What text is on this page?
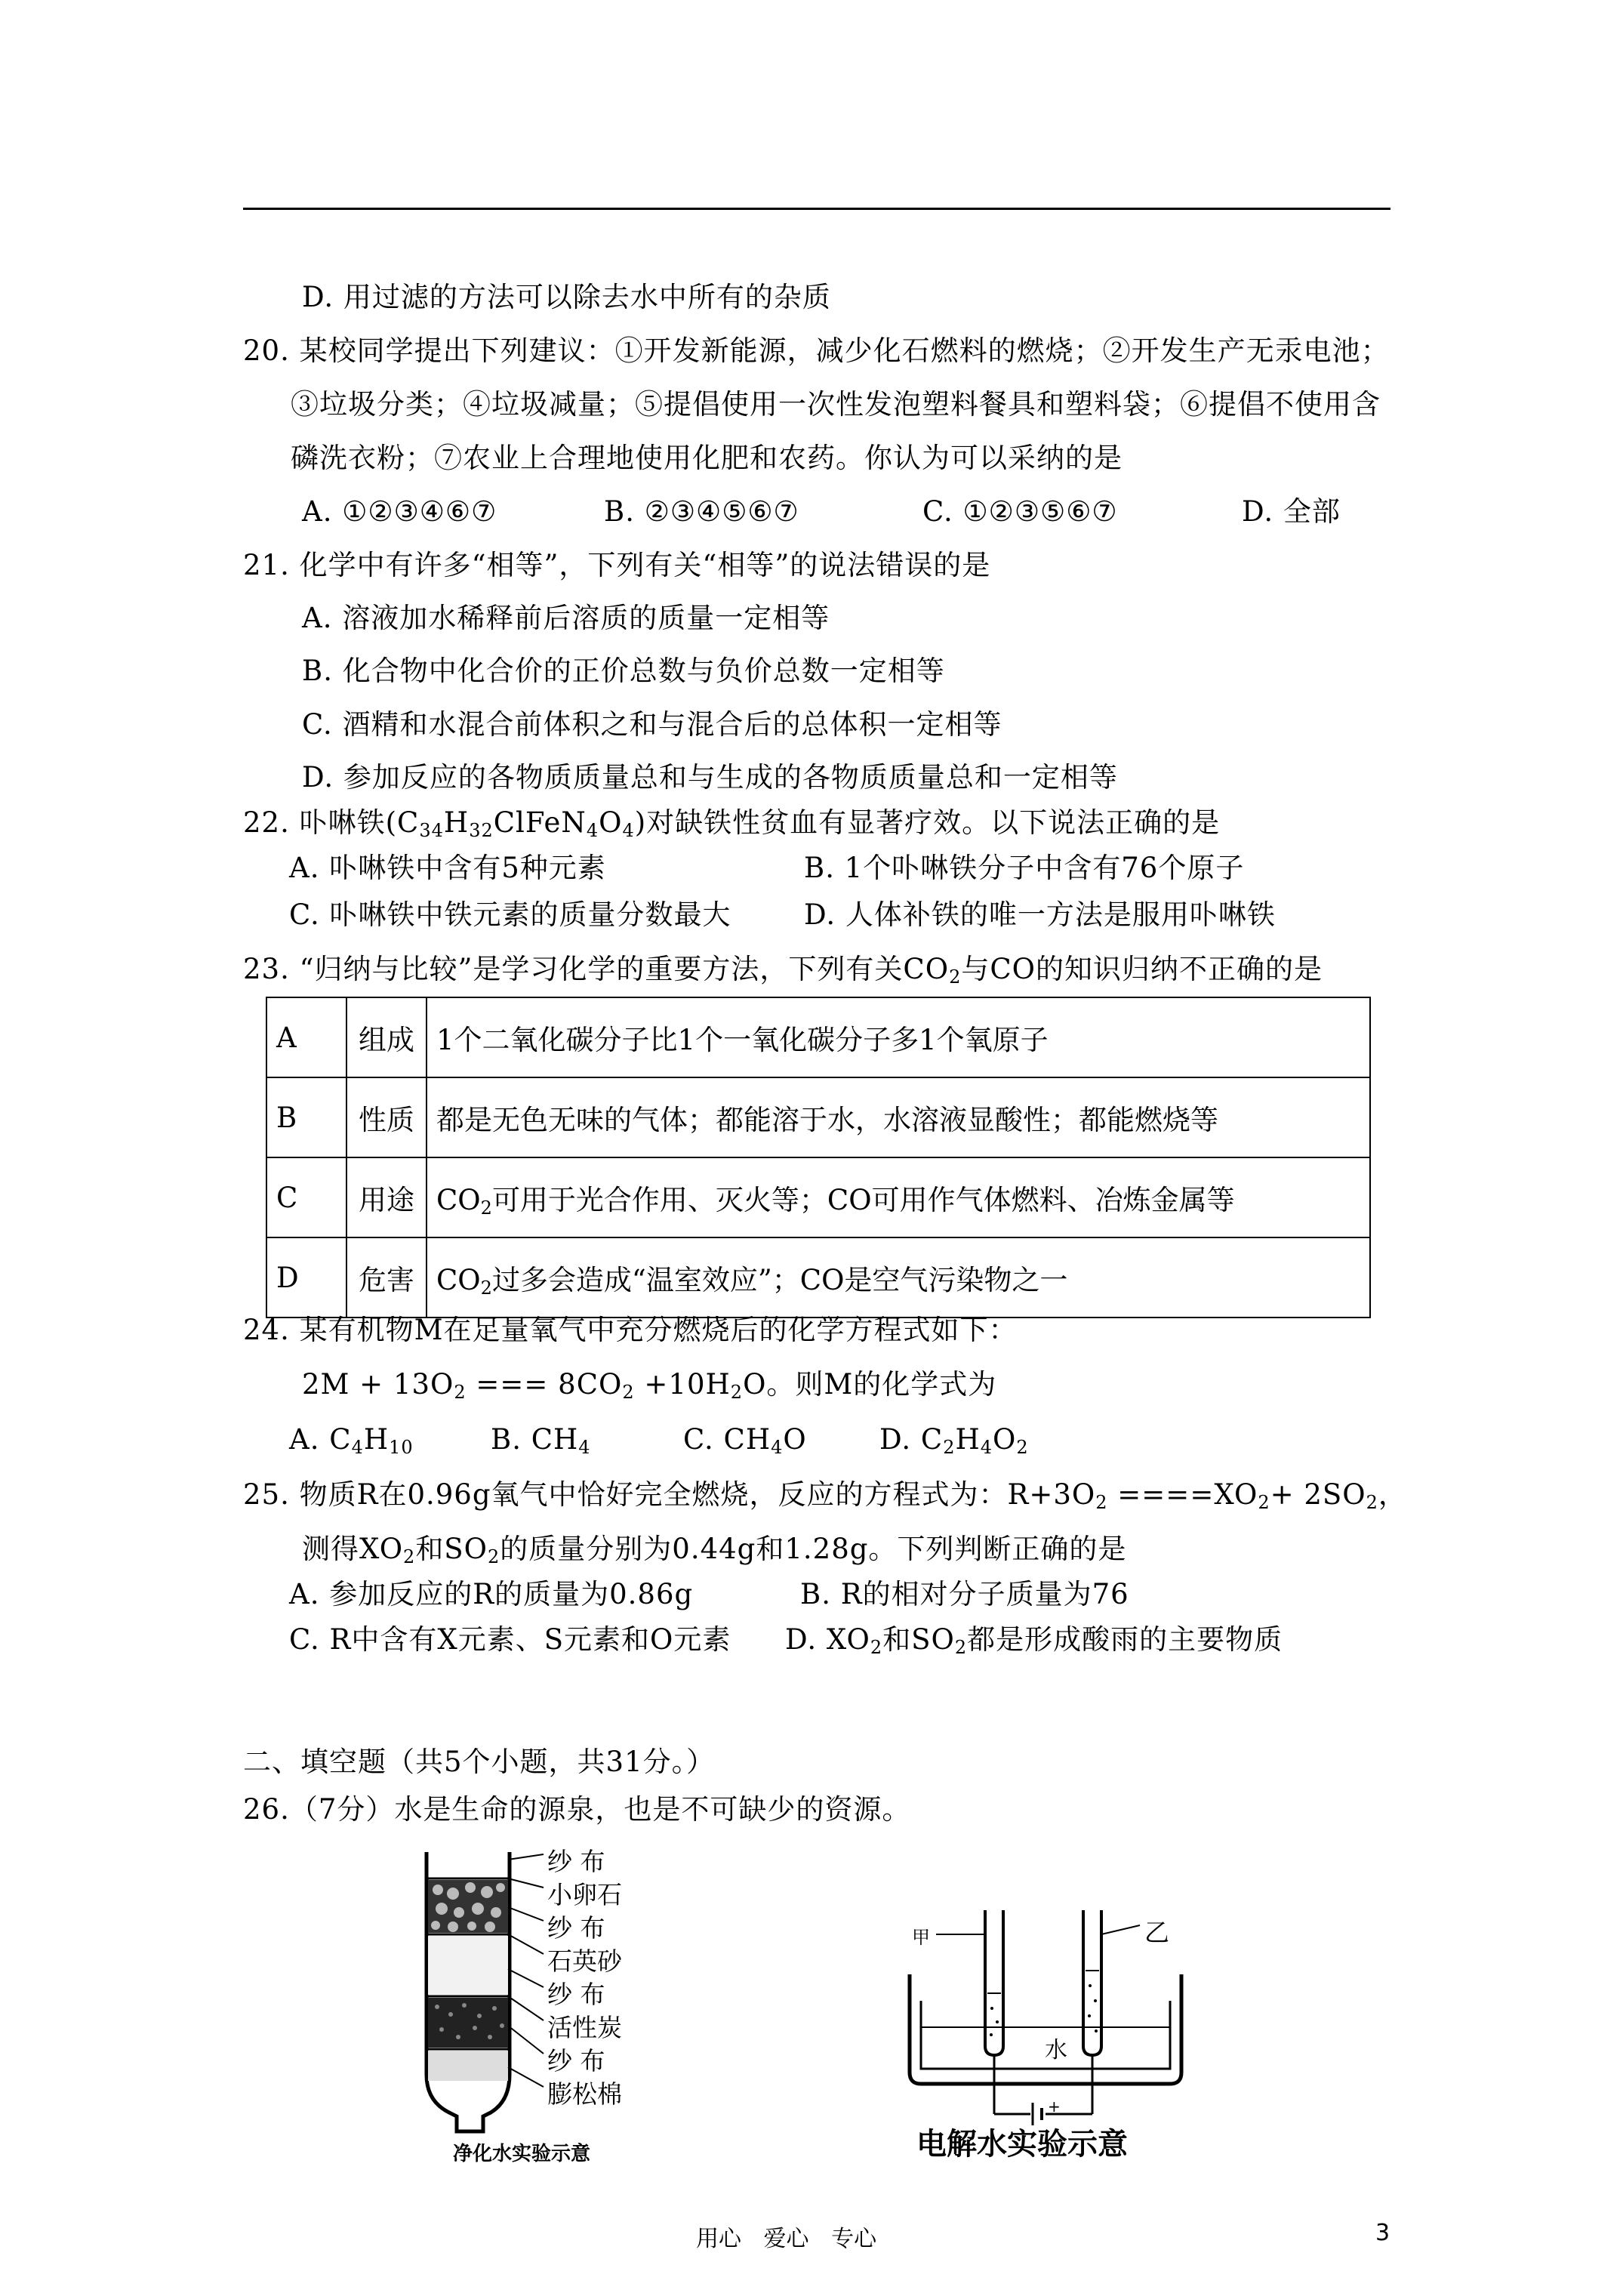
D. 用过滤的方法可以除去水中所有的杂质
20. 某校同学提出下列建议：①开发新能源，减少化石燃料的燃烧；②开发生产无汞电池；
③垃圾分类；④垃圾减量；⑤提倡使用一次性发泡塑料餐具和塑料袋；⑥提倡不使用含
磷洗衣粉；⑦农业上合理地使用化肥和农药。你认为可以采纳的是
A. ①②③④⑥⑦	B. ②③④⑤⑥⑦	C. ①②③⑤⑥⑦	D. 全部
21. 化学中有许多“相等”，下列有关“相等”的说法错误的是
A. 溶液加水稀释前后溶质的质量一定相等
B. 化合物中化合价的正价总数与负价总数一定相等
C. 酒精和水混合前体积之和与混合后的总体积一定相等
D. 参加反应的各物质质量总和与生成的各物质质量总和一定相等
22. 卟啉铁$(C_{34}H_{32}ClFeN_4O_4)$对缺铁性贫血有显著疗效。以下说法正确的是
A. 卟啉铁中含有5种元素	B. 1个卟啉铁分子中含有76个原子
C. 卟啉铁中铁元素的质量分数最大	D. 人体补铁的唯一方法是服用卟啉铁
23. “归纳与比较”是学习化学的重要方法，下列有关$CO_2$与CO的知识归纳不正确的是
A	组成	1个二氧化碳分子比1个一氧化碳分子多1个氧原子
B	性质	都是无色无味的气体；都能溶于水，水溶液显酸性；都能燃烧等
C	用途	$CO_2$可用于光合作用、灭火等；CO可用作气体燃料、冶炼金属等
D	危害	$CO_2$过多会造成“温室效应”；CO是空气污染物之一
24. 某有机物M在足量氧气中充分燃烧后的化学方程式如下：
$2M + 13O_2$ === $8CO_2 +10H_2O$。则M的化学式为
A. $C_4H_{10}$	B. $CH_4$	C. $CH_4O$	D. $C_2H_4O_2$
25. 物质R在0.96g氧气中恰好完全燃烧，反应的方程式为：$R+3O_2 ====XO_2+ 2SO_2$，
测得$XO_2$和$SO_2$的质量分别为0.44g和1.28g。下列判断正确的是
A. 参加反应的R的质量为0.86g	B. R的相对分子质量为76
C. R中含有X元素、S元素和O元素 D. $XO_2$和$SO_2$都是形成酸雨的主要物质
二、填空题（共5个小题，共31分。）
26.（7分）水是生命的源泉，也是不可缺少的资源。
纱 布
小卵石
纱 布
石英砂
纱 布
活性炭
纱 布
膨松棉
净化水实验示意
+
甲	乙
水
电解水实验示意
用心 爱心 专心	3
